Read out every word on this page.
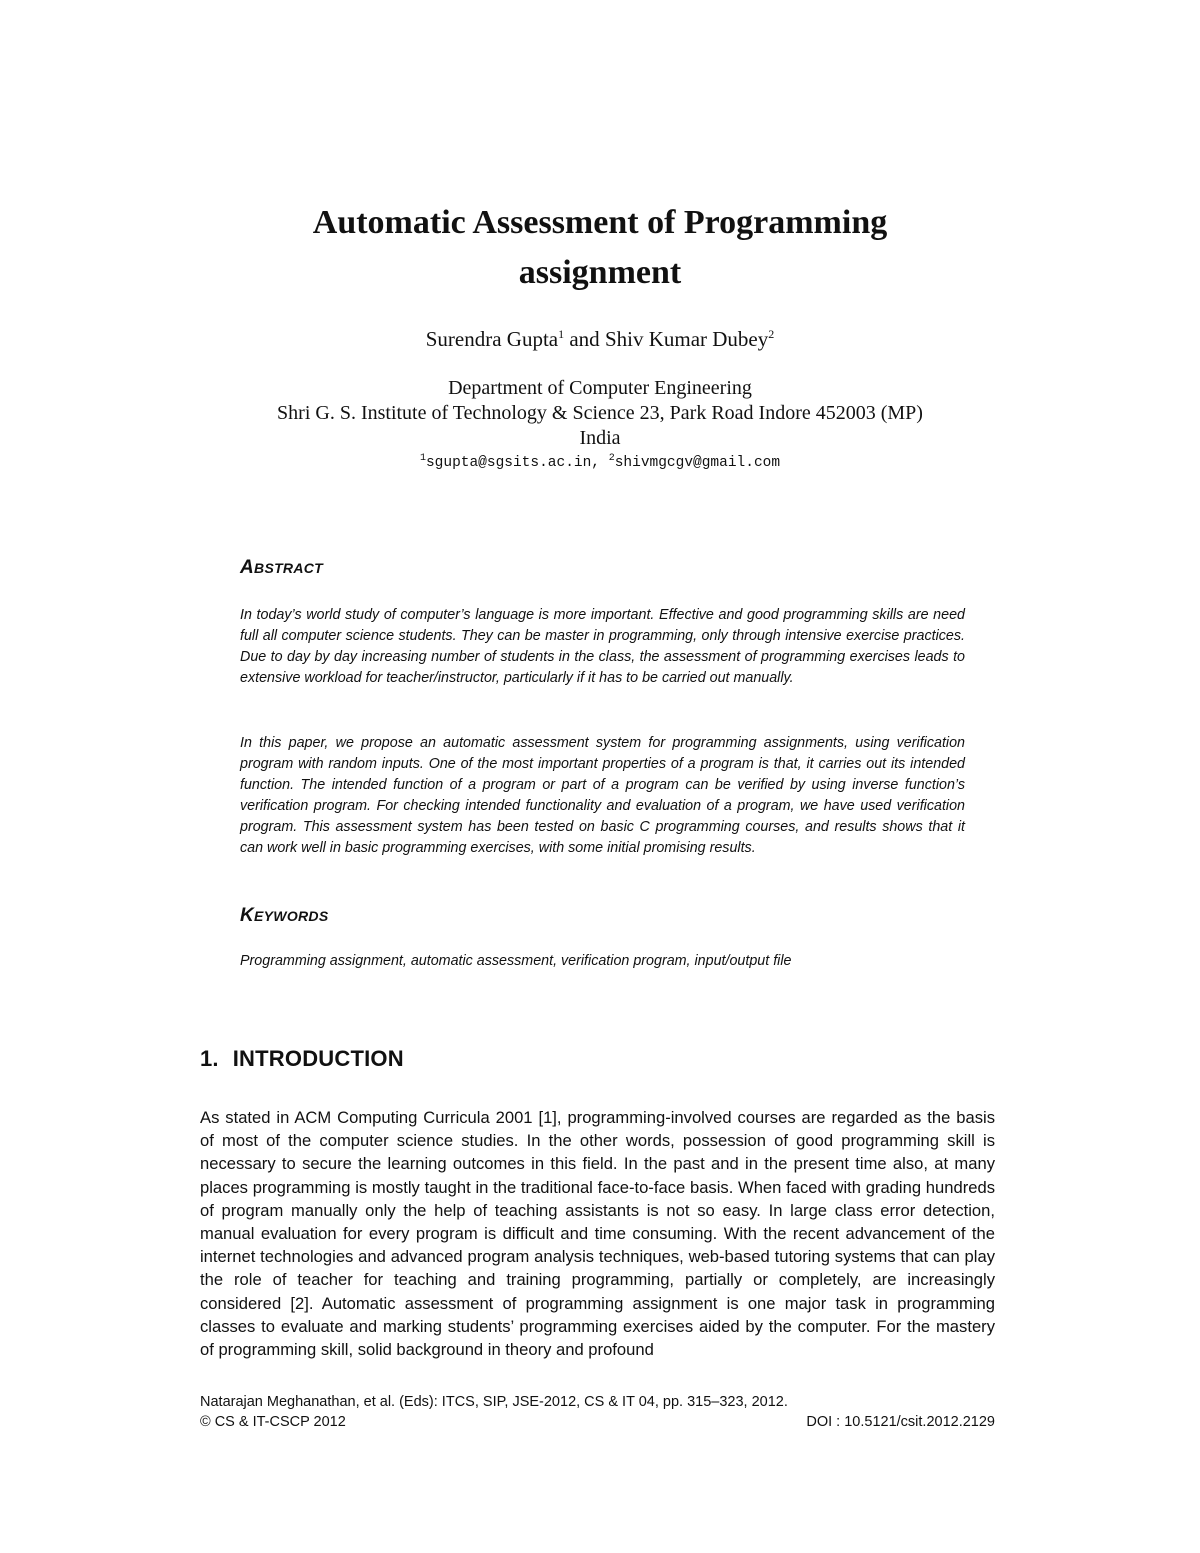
Automatic Assessment of Programming
assignment
Surendra Gupta$^1$ and Shiv Kumar Dubey$^2$
Department of Computer Engineering
Shri G. S. Institute of Technology & Science 23, Park Road Indore 452003 (MP)
India
$^1$sgupta@sgsits.ac.in, $^2$shivmgcgv@gmail.com
ABSTRACT

In today’s world study of computer’s language is more important. Effective and good programming skills are need full all computer science students. They can be master in programming, only through intensive exercise practices. Due to day by day increasing number of students in the class, the assessment of programming exercises leads to extensive workload for teacher/instructor, particularly if it has to be carried out manually.

In this paper, we propose an automatic assessment system for programming assignments, using verification program with random inputs. One of the most important properties of a program is that, it carries out its intended function. The intended function of a program or part of a program can be verified by using inverse function’s verification program. For checking intended functionality and evaluation of a program, we have used verification program. This assessment system has been tested on basic C programming courses, and results shows that it can work well in basic programming exercises, with some initial promising results.

KEYWORDS

Programming assignment, automatic assessment, verification program, input/output file

1. INTRODUCTION

As stated in ACM Computing Curricula 2001 [1], programming-involved courses are regarded as the basis of most of the computer science studies. In the other words, possession of good programming skill is necessary to secure the learning outcomes in this field. In the past and in the present time also, at many places programming is mostly taught in the traditional face-to-face basis. When faced with grading hundreds of program manually only the help of teaching assistants is not so easy. In large class error detection, manual evaluation for every program is difficult and time consuming. With the recent advancement of the internet technologies and advanced program analysis techniques, web-based tutoring systems that can play the role of teacher for teaching and training programming, partially or completely, are increasingly considered [2]. Automatic assessment of programming assignment is one major task in programming classes to evaluate and marking students’ programming exercises aided by the computer. For the mastery of programming skill, solid background in theory and profound

Natarajan Meghanathan, et al. (Eds): ITCS, SIP, JSE-2012, CS & IT 04, pp. 315–323, 2012.
© CS & IT-CSCP 2012	DOI : 10.5121/csit.2012.2129
